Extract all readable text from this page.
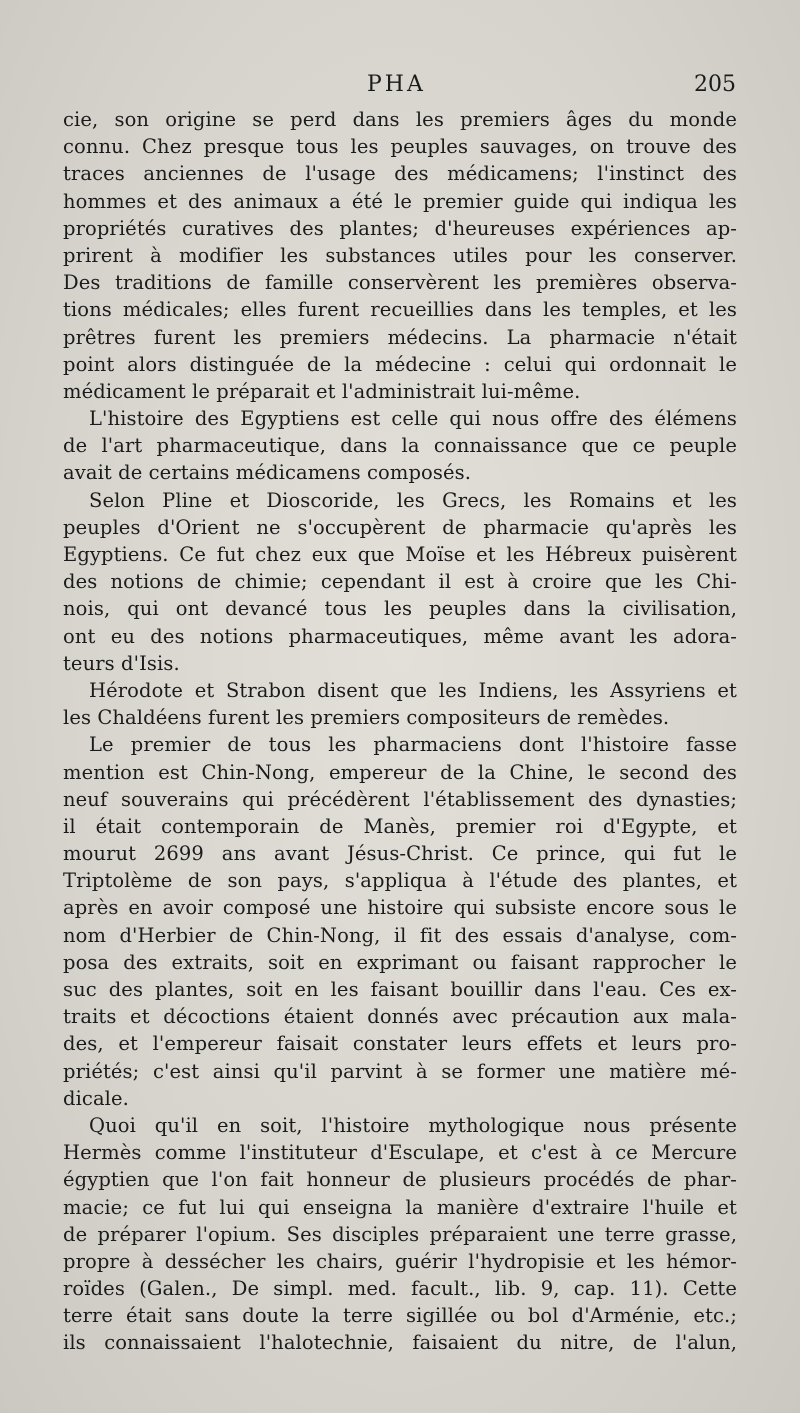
PHA	205
cie, son origine se perd dans les premiers âges du monde
connu. Chez presque tous les peuples sauvages, on trouve des
traces anciennes de l'usage des médicamens; l'instinct des
hommes et des animaux a été le premier guide qui indiqua les
propriétés curatives des plantes; d'heureuses expériences ap-
prirent à modifier les substances utiles pour les conserver.
Des traditions de famille conservèrent les premières observa-
tions médicales; elles furent recueillies dans les temples, et les
prêtres furent les premiers médecins. La pharmacie n'était
point alors distinguée de la médecine : celui qui ordonnait le
médicament le préparait et l'administrait lui-même.
L'histoire des Egyptiens est celle qui nous offre des élémens
de l'art pharmaceutique, dans la connaissance que ce peuple
avait de certains médicamens composés.
Selon Pline et Dioscoride, les Grecs, les Romains et les
peuples d'Orient ne s'occupèrent de pharmacie qu'après les
Egyptiens. Ce fut chez eux que Moïse et les Hébreux puisèrent
des notions de chimie; cependant il est à croire que les Chi-
nois, qui ont devancé tous les peuples dans la civilisation,
ont eu des notions pharmaceutiques, même avant les adora-
teurs d'Isis.
Hérodote et Strabon disent que les Indiens, les Assyriens et
les Chaldéens furent les premiers compositeurs de remèdes.
Le premier de tous les pharmaciens dont l'histoire fasse
mention est Chin-Nong, empereur de la Chine, le second des
neuf souverains qui précédèrent l'établissement des dynasties;
il était contemporain de Manès, premier roi d'Egypte, et
mourut 2699 ans avant Jésus-Christ. Ce prince, qui fut le
Triptolème de son pays, s'appliqua à l'étude des plantes, et
après en avoir composé une histoire qui subsiste encore sous le
nom d'Herbier de Chin-Nong, il fit des essais d'analyse, com-
posa des extraits, soit en exprimant ou faisant rapprocher le
suc des plantes, soit en les faisant bouillir dans l'eau. Ces ex-
traits et décoctions étaient donnés avec précaution aux mala-
des, et l'empereur faisait constater leurs effets et leurs pro-
priétés; c'est ainsi qu'il parvint à se former une matière mé-
dicale.
Quoi qu'il en soit, l'histoire mythologique nous présente
Hermès comme l'instituteur d'Esculape, et c'est à ce Mercure
égyptien que l'on fait honneur de plusieurs procédés de phar-
macie; ce fut lui qui enseigna la manière d'extraire l'huile et
de préparer l'opium. Ses disciples préparaient une terre grasse,
propre à dessécher les chairs, guérir l'hydropisie et les hémor-
roïdes (Galen., De simpl. med. facult., lib. 9, cap. 11). Cette
terre était sans doute la terre sigillée ou bol d'Arménie, etc.;
ils connaissaient l'halotechnie, faisaient du nitre, de l'alun,
